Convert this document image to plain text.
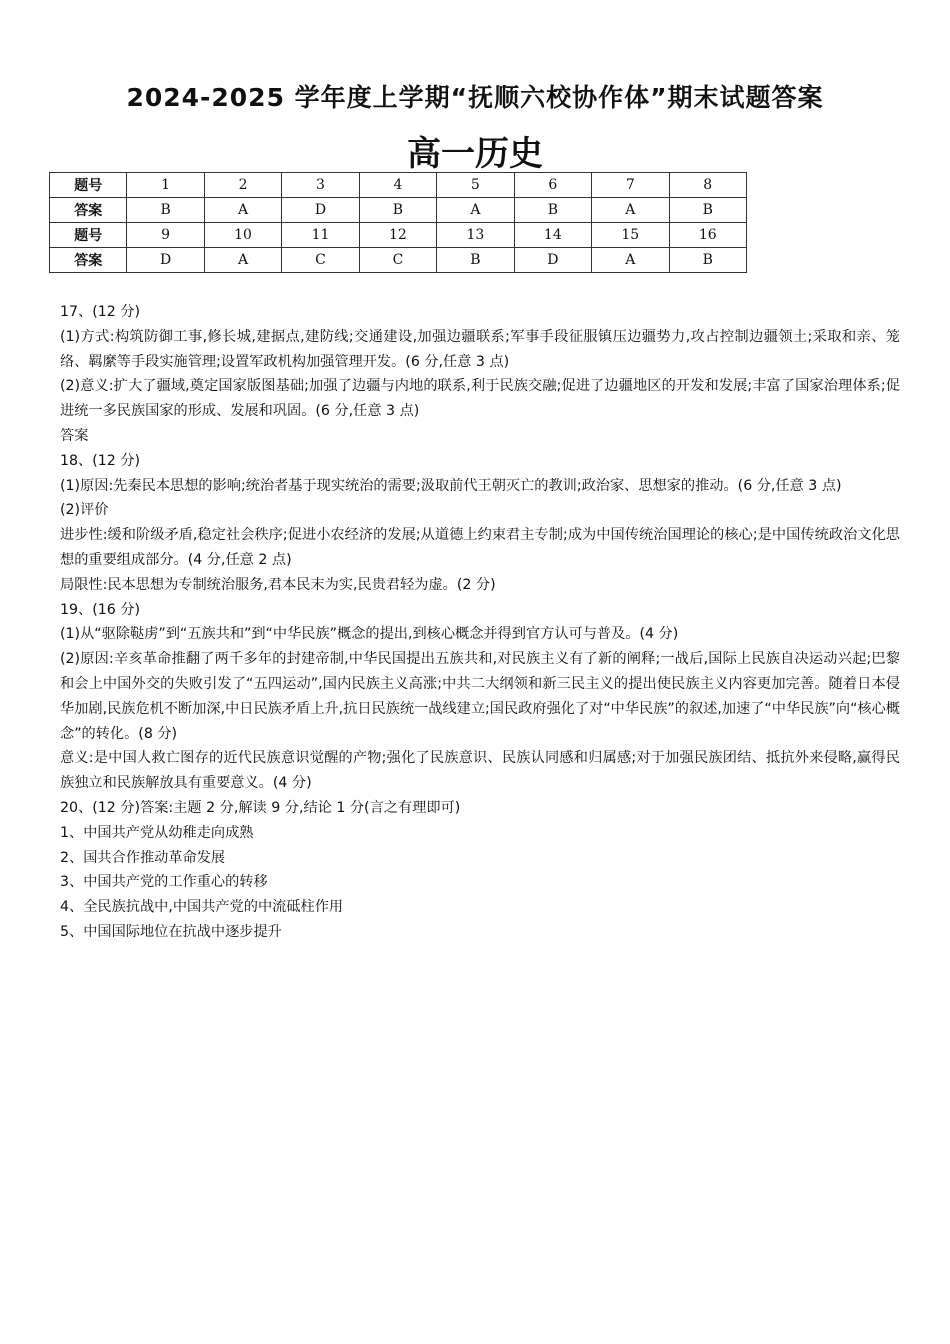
2024-2025 学年度上学期“抚顺六校协作体”期末试题答案
高一历史
题号	1	2	3	4	5	6	7	8
答案	B	A	D	B	A	B	A	B
题号	9	10	11	12	13	14	15	16
答案	D	A	C	C	B	D	A	B

17、(12 分)

(1)方式:构筑防御工事,修长城,建据点,建防线;交通建设,加强边疆联系;军事手段征服镇压边疆势力,攻占控制边疆领土;采取和亲、笼络、羁縻等手段实施管理;设置军政机构加强管理开发。(6 分,任意 3 点)

(2)意义:扩大了疆域,奠定国家版图基础;加强了边疆与内地的联系,利于民族交融;促进了边疆地区的开发和发展;丰富了国家治理体系;促进统一多民族国家的形成、发展和巩固。(6 分,任意 3 点)

答案

18、(12 分)

(1)原因:先秦民本思想的影响;统治者基于现实统治的需要;汲取前代王朝灭亡的教训;政治家、思想家的推动。(6 分,任意 3 点)

(2)评价

进步性:缓和阶级矛盾,稳定社会秩序;促进小农经济的发展;从道德上约束君主专制;成为中国传统治国理论的核心;是中国传统政治文化思想的重要组成部分。(4 分,任意 2 点)

局限性:民本思想为专制统治服务,君本民末为实,民贵君轻为虚。(2 分)

19、(16 分)

(1)从“驱除鞑虏”到“五族共和”到“中华民族”概念的提出,到核心概念并得到官方认可与普及。(4 分)

(2)原因:辛亥革命推翻了两千多年的封建帝制,中华民国提出五族共和,对民族主义有了新的阐释;一战后,国际上民族自决运动兴起;巴黎和会上中国外交的失败引发了“五四运动”,国内民族主义高涨;中共二大纲领和新三民主义的提出使民族主义内容更加完善。随着日本侵华加剧,民族危机不断加深,中日民族矛盾上升,抗日民族统一战线建立;国民政府强化了对“中华民族”的叙述,加速了“中华民族”向“核心概念”的转化。(8 分)

意义:是中国人救亡图存的近代民族意识觉醒的产物;强化了民族意识、民族认同感和归属感;对于加强民族团结、抵抗外来侵略,赢得民族独立和民族解放具有重要意义。(4 分)

20、(12 分)答案:主题 2 分,解读 9 分,结论 1 分(言之有理即可)

1、中国共产党从幼稚走向成熟

2、国共合作推动革命发展

3、中国共产党的工作重心的转移

4、全民族抗战中,中国共产党的中流砥柱作用

5、中国国际地位在抗战中逐步提升
